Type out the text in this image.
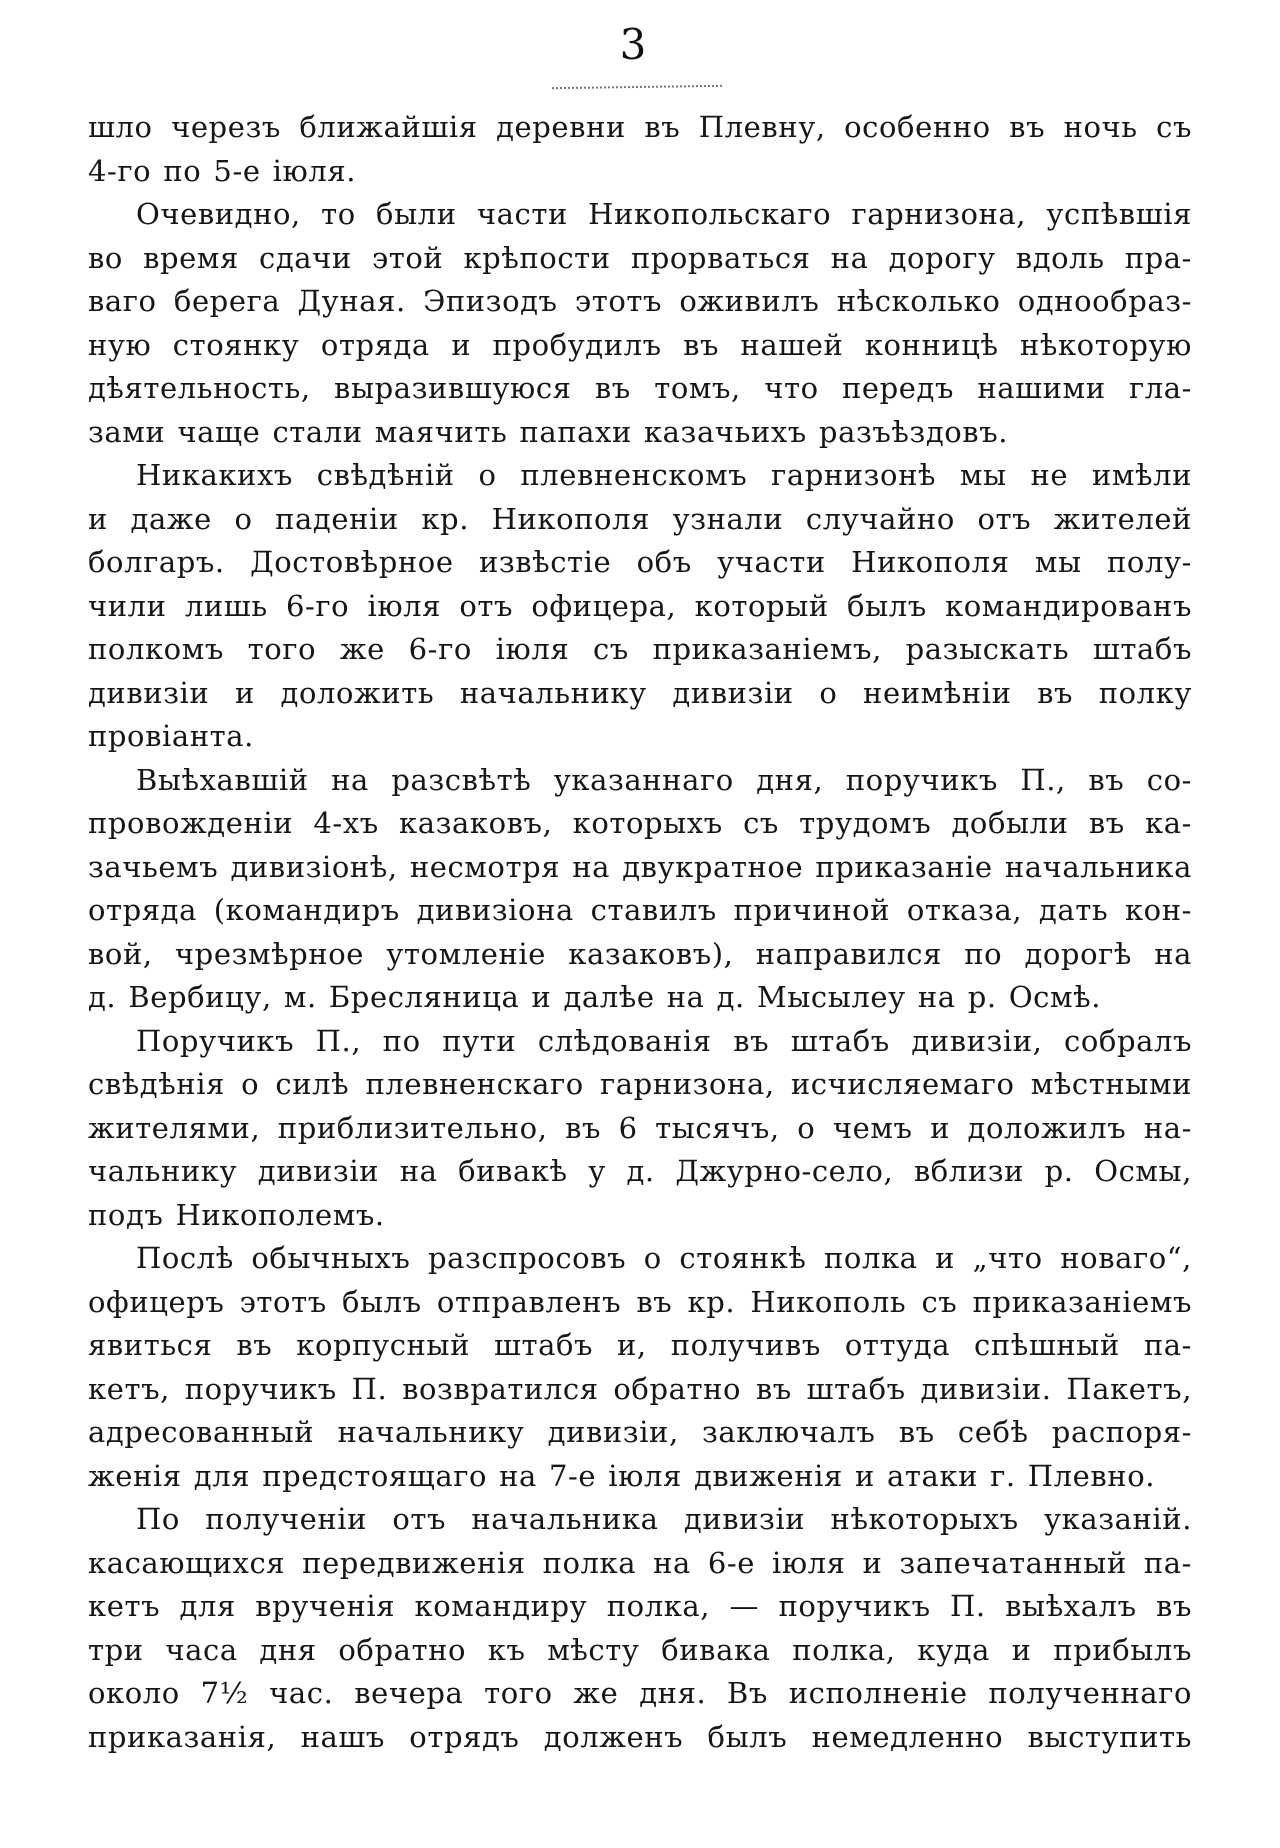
3
шло черезъ ближайшія деревни въ Плевну, особенно въ ночь съ
4-го по 5-е іюля.
Очевидно, то были части Никопольскаго гарнизона, успѣвшія
во время сдачи этой крѣпости прорваться на дорогу вдоль пра-
ваго берега Дуная. Эпизодъ этотъ оживилъ нѣсколько однообраз-
ную стоянку отряда и пробудилъ въ нашей конницѣ нѣкоторую
дѣятельность, выразившуюся въ томъ, что передъ нашими гла-
зами чаще стали маячить папахи казачьихъ разъѣздовъ.
Никакихъ свѣдѣній о плевненскомъ гарнизонѣ мы не имѣли
и даже о паденіи кр. Никополя узнали случайно отъ жителей
болгаръ. Достовѣрное извѣстіе объ участи Никополя мы полу-
чили лишь 6-го іюля отъ офицера, который былъ командированъ
полкомъ того же 6-го іюля съ приказаніемъ, разыскать штабъ
дивизіи и доложить начальнику дивизіи о неимѣніи въ полку
провіанта.
Выѣхавшій на разсвѣтѣ указаннаго дня, поручикъ П., въ со-
провожденіи 4-хъ казаковъ, которыхъ съ трудомъ добыли въ ка-
зачьемъ дивизіонѣ, несмотря на двукратное приказаніе начальника
отряда (командиръ дивизіона ставилъ причиной отказа, дать кон-
вой, чрезмѣрное утомленіе казаковъ), направился по дорогѣ на
д. Вербицу, м. Бресляница и далѣе на д. Мысылеу на р. Осмѣ.
Поручикъ П., по пути слѣдованія въ штабъ дивизіи, собралъ
свѣдѣнія о силѣ плевненскаго гарнизона, исчисляемаго мѣстными
жителями, приблизительно, въ 6 тысячъ, о чемъ и доложилъ на-
чальнику дивизіи на бивакѣ у д. Джурно-село, вблизи р. Осмы,
подъ Никополемъ.
Послѣ обычныхъ разспросовъ о стоянкѣ полка и „что новаго“,
офицеръ этотъ былъ отправленъ въ кр. Никополь съ приказаніемъ
явиться въ корпусный штабъ и, получивъ оттуда спѣшный па-
кетъ, поручикъ П. возвратился обратно въ штабъ дивизіи. Пакетъ,
адресованный начальнику дивизіи, заключалъ въ себѣ распоря-
женія для предстоящаго на 7-е іюля движенія и атаки г. Плевно.
По полученіи отъ начальника дивизіи нѣкоторыхъ указаній.
касающихся передвиженія полка на 6-е іюля и запечатанный па-
кетъ для врученія командиру полка, — поручикъ П. выѣхалъ въ
три часа дня обратно къ мѣсту бивака полка, куда и прибылъ
около 7½ час. вечера того же дня. Въ исполненіе полученнаго
приказанія, нашъ отрядъ долженъ былъ немедленно выступить
